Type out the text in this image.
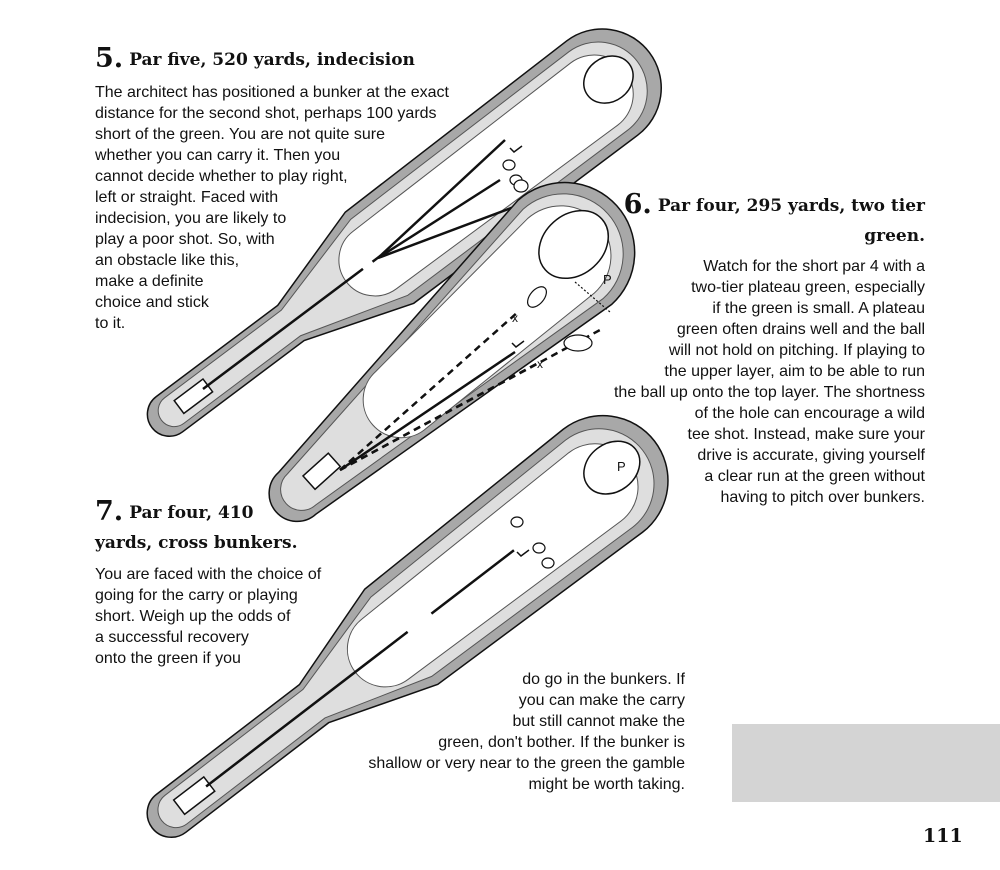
x
x
P
P
5. Par five, 520 yards, indecision
The architect has positioned a bunker at the exact
distance for the second shot, perhaps 100 yards
short of the green. You are not quite sure
whether you can carry it. Then you
cannot decide whether to play right,
left or straight. Faced with
indecision, you are likely to
play a poor shot. So, with
an obstacle like this,
make a definite
choice and stick
to it.
6. Par four, 295 yards, two tier
green.
Watch for the short par 4 with a
two-tier plateau green, especially
if the green is small. A plateau
green often drains well and the ball
will not hold on pitching. If playing to
the upper layer, aim to be able to run
the ball up onto the top layer. The shortness
of the hole can encourage a wild
tee shot. Instead, make sure your
drive is accurate, giving yourself
a clear run at the green without
having to pitch over bunkers.
7. Par four, 410
yards, cross bunkers.
You are faced with the choice of
going for the carry or playing
short. Weigh up the odds of
a successful recovery
onto the green if you
do go in the bunkers. If
you can make the carry
but still cannot make the
green, don't bother. If the bunker is
shallow or very near to the green the gamble
might be worth taking.
111
